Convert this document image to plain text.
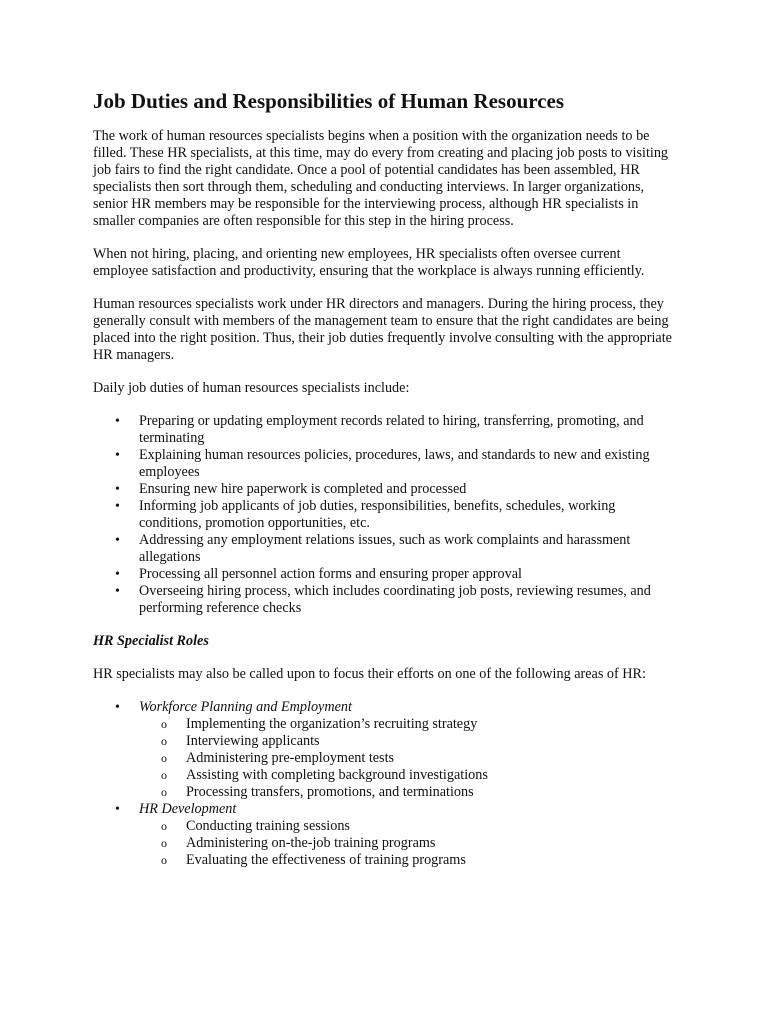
Job Duties and Responsibilities of Human Resources

The work of human resources specialists begins when a position with the organization needs to be filled. These HR specialists, at this time, may do every from creating and placing job posts to visiting job fairs to find the right candidate. Once a pool of potential candidates has been assembled, HR specialists then sort through them, scheduling and conducting interviews. In larger organizations, senior HR members may be responsible for the interviewing process, although HR specialists in smaller companies are often responsible for this step in the hiring process.

When not hiring, placing, and orienting new employees, HR specialists often oversee current employee satisfaction and productivity, ensuring that the workplace is always running efficiently.

Human resources specialists work under HR directors and managers. During the hiring process, they generally consult with members of the management team to ensure that the right candidates are being placed into the right position. Thus, their job duties frequently involve consulting with the appropriate HR managers.

Daily job duties of human resources specialists include:

• Preparing or updating employment records related to hiring, transferring, promoting, and terminating
• Explaining human resources policies, procedures, laws, and standards to new and existing employees
• Ensuring new hire paperwork is completed and processed
• Informing job applicants of job duties, responsibilities, benefits, schedules, working conditions, promotion opportunities, etc.
• Addressing any employment relations issues, such as work complaints and harassment allegations
• Processing all personnel action forms and ensuring proper approval
• Overseeing hiring process, which includes coordinating job posts, reviewing resumes, and performing reference checks
HR Specialist Roles

HR specialists may also be called upon to focus their efforts on one of the following areas of HR:

• Workforce Planning and Employment
o Implementing the organization’s recruiting strategy
o Interviewing applicants
o Administering pre-employment tests
o Assisting with completing background investigations
o Processing transfers, promotions, and terminations
• HR Development
o Conducting training sessions
o Administering on-the-job training programs
o Evaluating the effectiveness of training programs
